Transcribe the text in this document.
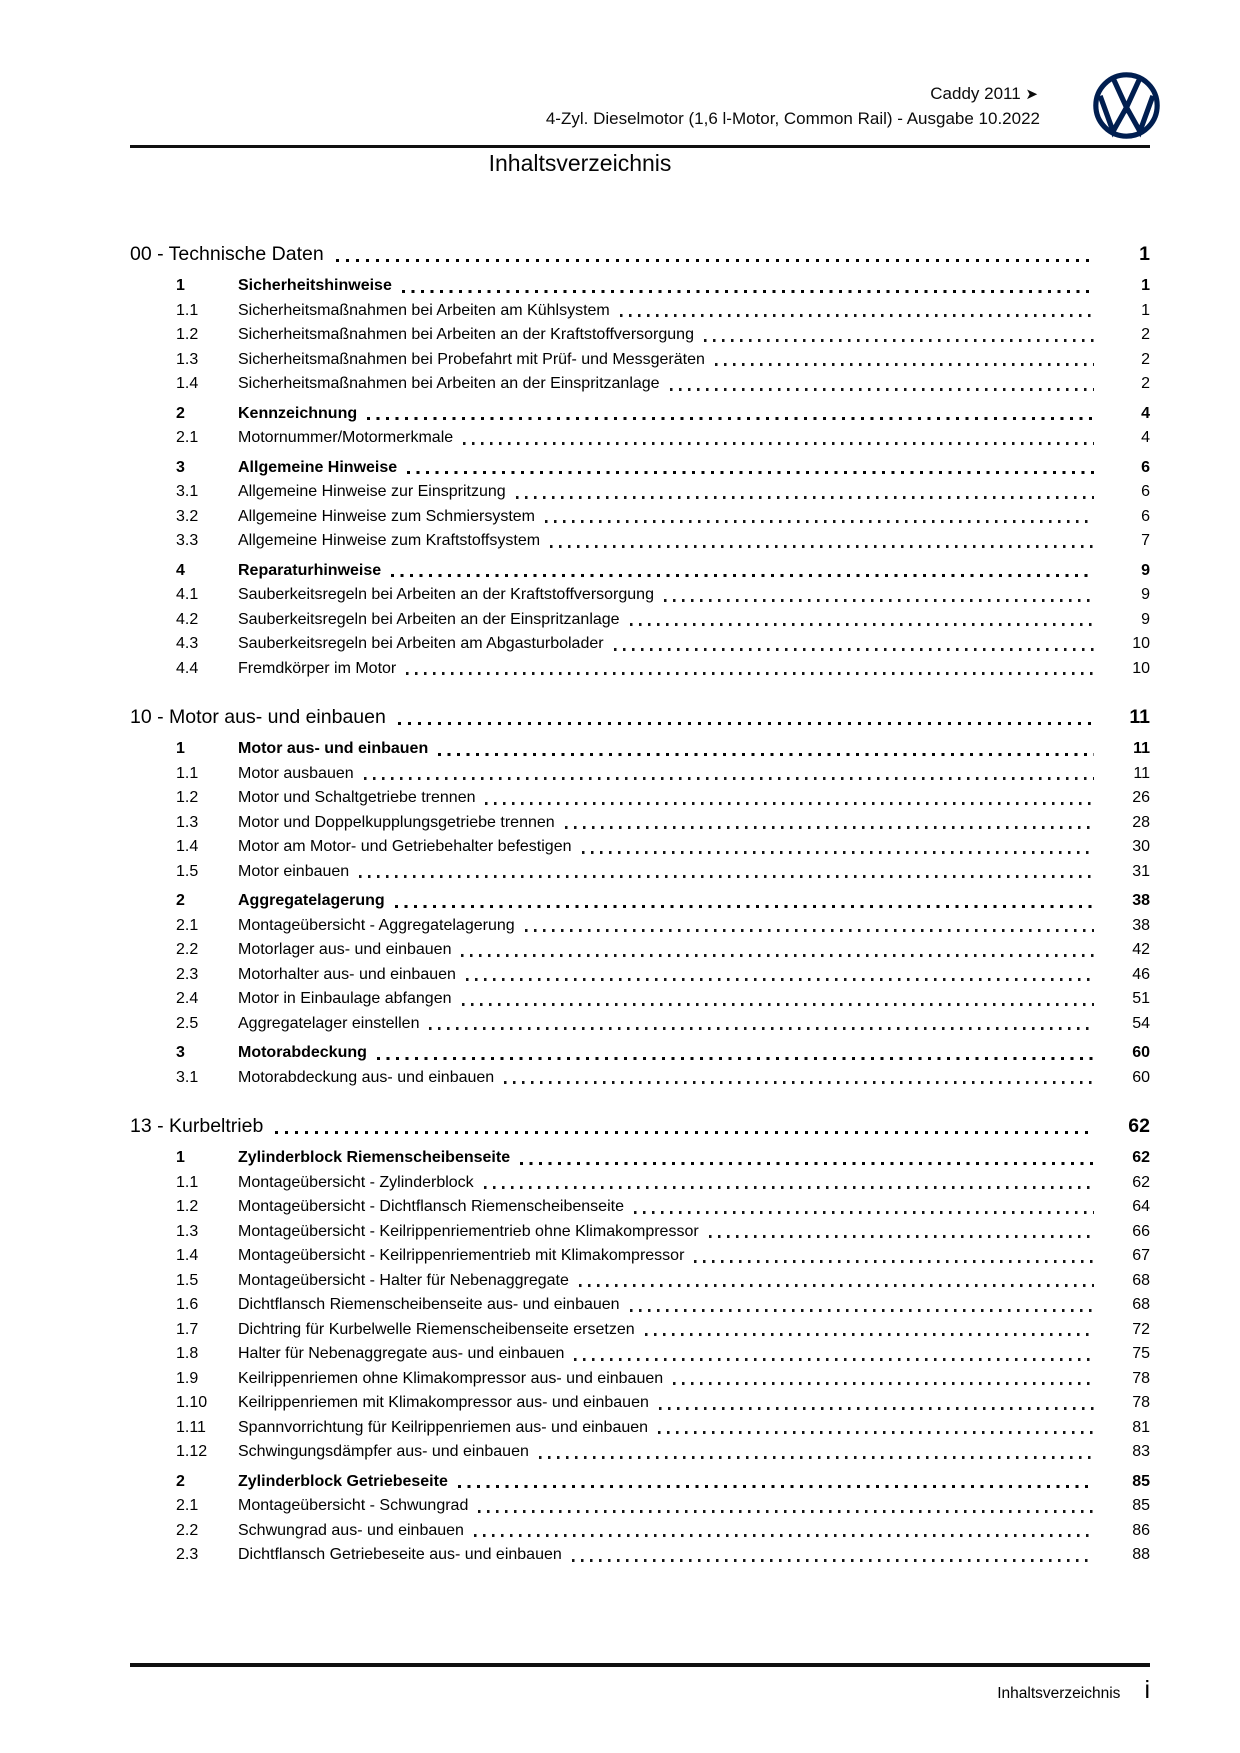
Caddy 2011 ➤
4-Zyl. Dieselmotor (1,6 l-Motor, Common Rail) - Ausgabe 10.2022
Inhaltsverzeichnis
00 - Technische Daten	1
1	Sicherheitshinweise	1
1.1	Sicherheitsmaßnahmen bei Arbeiten am Kühlsystem	1
1.2	Sicherheitsmaßnahmen bei Arbeiten an der Kraftstoffversorgung	2
1.3	Sicherheitsmaßnahmen bei Probefahrt mit Prüf- und Messgeräten	2
1.4	Sicherheitsmaßnahmen bei Arbeiten an der Einspritzanlage	2
2	Kennzeichnung	4
2.1	Motornummer/Motormerkmale	4
3	Allgemeine Hinweise	6
3.1	Allgemeine Hinweise zur Einspritzung	6
3.2	Allgemeine Hinweise zum Schmiersystem	6
3.3	Allgemeine Hinweise zum Kraftstoffsystem	7
4	Reparaturhinweise	9
4.1	Sauberkeitsregeln bei Arbeiten an der Kraftstoffversorgung	9
4.2	Sauberkeitsregeln bei Arbeiten an der Einspritzanlage	9
4.3	Sauberkeitsregeln bei Arbeiten am Abgasturbolader	10
4.4	Fremdkörper im Motor	10
10 - Motor aus- und einbauen	11
1	Motor aus- und einbauen	11
1.1	Motor ausbauen	11
1.2	Motor und Schaltgetriebe trennen	26
1.3	Motor und Doppelkupplungsgetriebe trennen	28
1.4	Motor am Motor- und Getriebehalter befestigen	30
1.5	Motor einbauen	31
2	Aggregatelagerung	38
2.1	Montageübersicht - Aggregatelagerung	38
2.2	Motorlager aus- und einbauen	42
2.3	Motorhalter aus- und einbauen	46
2.4	Motor in Einbaulage abfangen	51
2.5	Aggregatelager einstellen	54
3	Motorabdeckung	60
3.1	Motorabdeckung aus- und einbauen	60
13 - Kurbeltrieb	62
1	Zylinderblock Riemenscheibenseite	62
1.1	Montageübersicht - Zylinderblock	62
1.2	Montageübersicht - Dichtflansch Riemenscheibenseite	64
1.3	Montageübersicht - Keilrippenriementrieb ohne Klimakompressor	66
1.4	Montageübersicht - Keilrippenriementrieb mit Klimakompressor	67
1.5	Montageübersicht - Halter für Nebenaggregate	68
1.6	Dichtflansch Riemenscheibenseite aus- und einbauen	68
1.7	Dichtring für Kurbelwelle Riemenscheibenseite ersetzen	72
1.8	Halter für Nebenaggregate aus- und einbauen	75
1.9	Keilrippenriemen ohne Klimakompressor aus- und einbauen	78
1.10	Keilrippenriemen mit Klimakompressor aus- und einbauen	78
1.11	Spannvorrichtung für Keilrippenriemen aus- und einbauen	81
1.12	Schwingungsdämpfer aus- und einbauen	83
2	Zylinderblock Getriebeseite	85
2.1	Montageübersicht - Schwungrad	85
2.2	Schwungrad aus- und einbauen	86
2.3	Dichtflansch Getriebeseite aus- und einbauen	88
Inhaltsverzeichnis i
